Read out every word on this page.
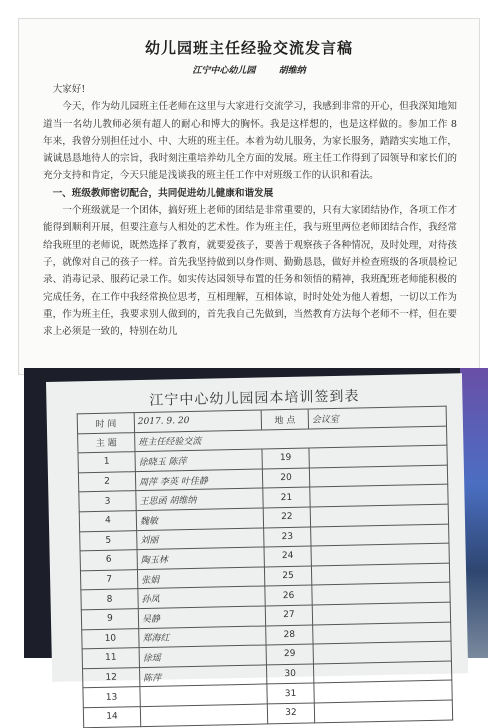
幼儿园班主任经验交流发言稿
江宁中心幼儿园	胡维纳

大家好!

今天，作为幼儿园班主任老师在这里与大家进行交流学习，我感到非常的开心，但我深知地知道当一名幼儿教师必须有超人的耐心和博大的胸怀。我是这样想的，也是这样做的。参加工作 8 年来，我曾分别担任过小、中、大班的班主任。本着为幼儿服务，为家长服务，踏踏实实地工作，诚诚恳恳地待人的宗旨，我时刻注重培养幼儿全方面的发展。班主任工作得到了园领导和家长们的充分支持和肯定，今天只能是浅谈我的班主任工作中对班级工作的认识和看法。

一、班级教师密切配合，共同促进幼儿健康和谐发展

一个班级就是一个团体，搞好班上老师的团结是非常重要的，只有大家团结协作，各项工作才能得到顺利开展，但要注意与人相处的艺术性。作为班主任，我与班里两位老师团结合作，我经常给我班里的老师说，既然选择了教育，就要爱孩子，要善于观察孩子各种情况，及时处理，对待孩子，就像对自己的孩子一样。首先我坚持做到以身作则、勤勤恳恳，做好并检查班级的各项晨检记录、消毒记录、服药记录工作。如实传达园领导布置的任务和领悟的精神，我班配班老师能积极的完成任务，在工作中我经常换位思考，互相理解，互相体谅，时时处处为他人着想，一切以工作为重，作为班主任，我要求别人做到的，首先我自己先做到，当然教育方法每个老师不一样，但在要求上必须是一致的，特别在幼儿

江宁中心幼儿园园本培训签到表
时 间	2017. 9. 20	地 点	会议室
主 题	班主任经验交流		
1	徐晓玉 陈萍	19	
2	周萍 李英 叶佳静	20	
3	王思函 胡维纳	21	
4	魏敏	22	
5	刘丽	23	
6	陶玉林	24	
7	张娟	25	
8	孙凤	26	
9	吴静	27	
10	郑海红	28	
11	徐瑶	29	
12	陈萍	30	
13		31	
14		32	
